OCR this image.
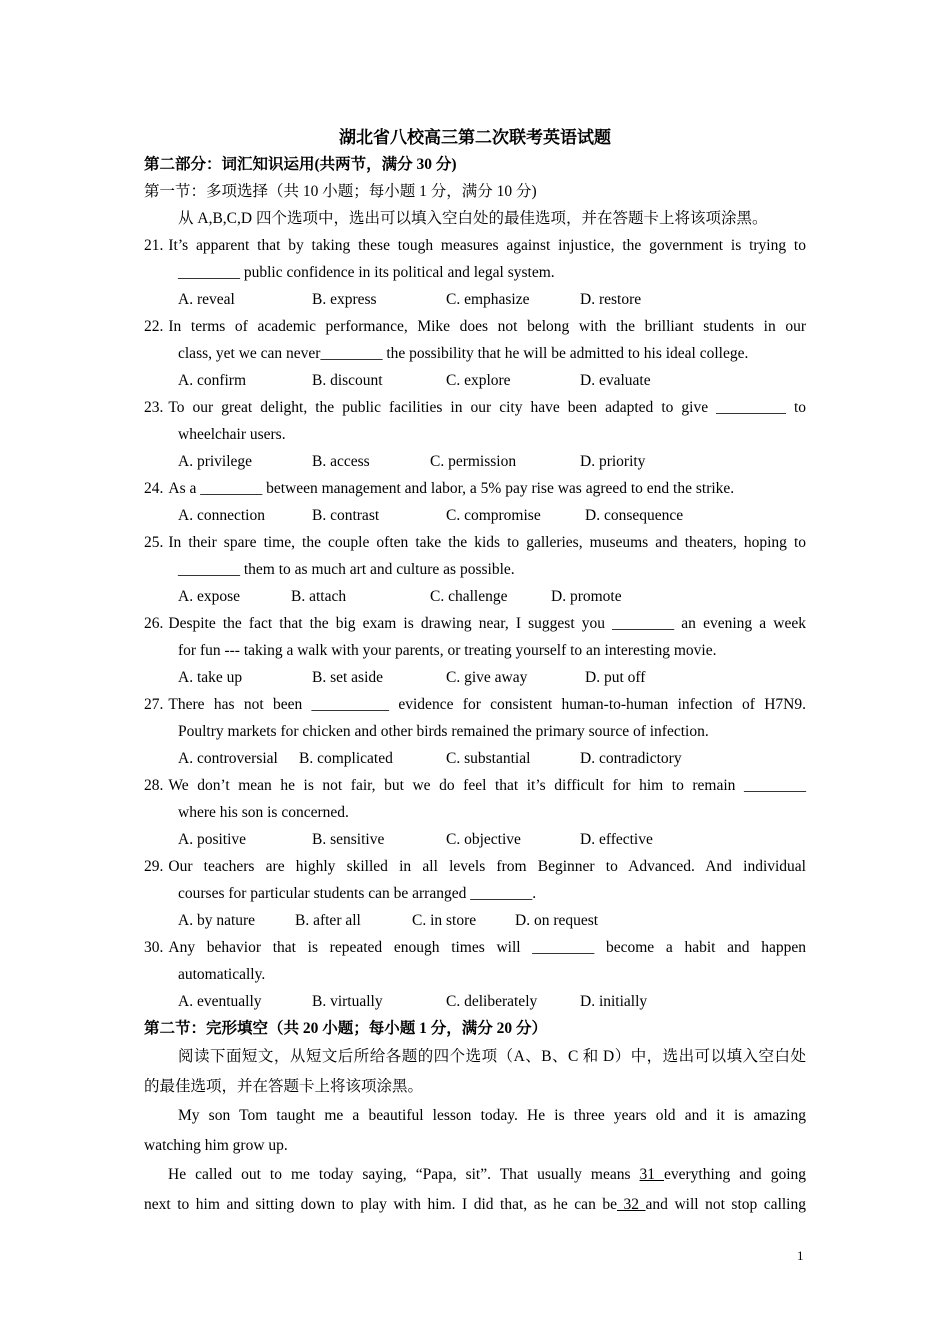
湖北省八校高三第二次联考英语试题
第二部分：词汇知识运用(共两节，满分 30 分)
第一节：多项选择（共 10 小题；每小题 1 分，满分 10 分)
从 A,B,C,D 四个选项中，选出可以填入空白处的最佳选项，并在答题卡上将该项涂黑。
21. It’s apparent that by taking these tough measures against injustice, the government is trying to
________ public confidence in its political and legal system.
A. reveal	B. express	C. emphasize	D. restore
22. In terms of academic performance, Mike does not belong with the brilliant students in our
class, yet we can never________ the possibility that he will be admitted to his ideal college.
A. confirm	B. discount	C. explore	D. evaluate
23. To our great delight, the public facilities in our city have been adapted to give _________ to
wheelchair users.
A. privilege	B. access	C. permission	D. priority
24. As a ________ between management and labor, a 5% pay rise was agreed to end the strike.
A. connection	B. contrast	C. compromise	D. consequence
25. In their spare time, the couple often take the kids to galleries, museums and theaters, hoping to
________ them to as much art and culture as possible.
A. expose	B. attach	C. challenge	D. promote
26. Despite the fact that the big exam is drawing near, I suggest you ________ an evening a week
for fun --- taking a walk with your parents, or treating yourself to an interesting movie.
A. take up	B. set aside	C. give away	D. put off
27. There has not been __________ evidence for consistent human-to-human infection of H7N9.
Poultry markets for chicken and other birds remained the primary source of infection.
A. controversial B. complicated	C. substantial	D. contradictory
28. We don’t mean he is not fair, but we do feel that it’s difficult for him to remain ________
where his son is concerned.
A. positive	B. sensitive	C. objective	D. effective
29. Our teachers are highly skilled in all levels from Beginner to Advanced. And individual
courses for particular students can be arranged ________.
A. by nature	B. after all	C. in store	D. on request
30. Any behavior that is repeated enough times will ________ become a habit and happen
automatically.
A. eventually	B. virtually	C. deliberately	D. initially
第二节：完形填空（共 20 小题；每小题 1 分，满分 20 分）
阅读下面短文，从短文后所给各题的四个选项（A、B、C 和 D）中，选出可以填入空白处
的最佳选项，并在答题卡上将该项涂黑。
My son Tom taught me a beautiful lesson today. He is three years old and it is amazing
watching him grow up.
He called out to me today saying, “Papa, sit”. That usually means 31 everything and going
next to him and sitting down to play with him. I did that, as he can be 32 and will not stop calling
1
